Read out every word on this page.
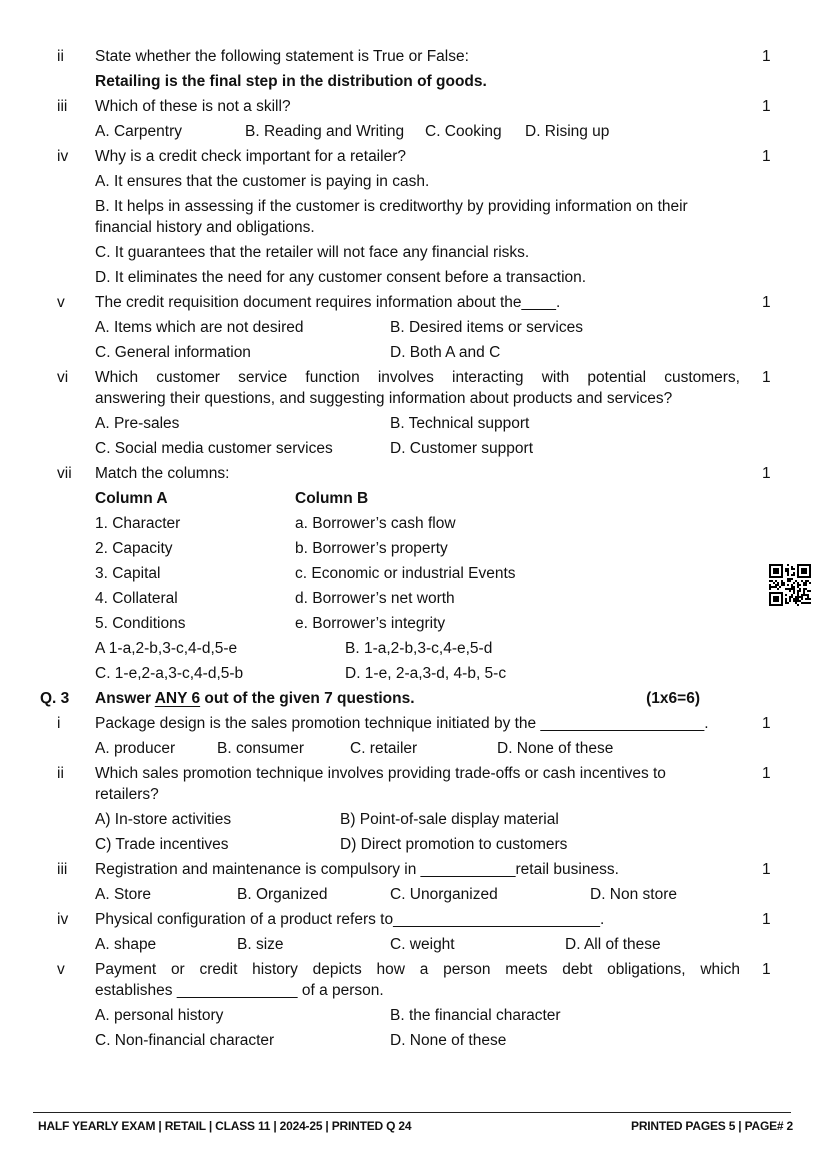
ii	State whether the following statement is True or False:	1
Retailing is the final step in the distribution of goods.
iii	Which of these is not a skill?	1
A. Carpentry	B. Reading and Writing C. Cooking D. Rising up
iv	Why is a credit check important for a retailer?	1
A. It ensures that the customer is paying in cash.
B. It helps in assessing if the customer is creditworthy by providing information on their
financial history and obligations.
C. It guarantees that the retailer will not face any financial risks.
D. It eliminates the need for any customer consent before a transaction.
v	The credit requisition document requires information about the____.	1
A. Items which are not desired	B. Desired items or services
C. General information	D. Both A and C
vi	Which customer service function involves interacting with potential customers,
answering their questions, and suggesting information about products and services?
1
A. Pre-sales	B. Technical support
C. Social media customer services	D. Customer support
vii	Match the columns:	1
Column A	Column B
1. Character	a. Borrower’s cash flow
2. Capacity	b. Borrower’s property
3. Capital	c. Economic or industrial Events
4. Collateral	d. Borrower’s net worth
5. Conditions	e. Borrower’s integrity
A 1-a,2-b,3-c,4-d,5-e	B. 1-a,2-b,3-c,4-e,5-d
C. 1-e,2-a,3-c,4-d,5-b	D. 1-e, 2-a,3-d, 4-b, 5-c
Q. 3	(1x6=6)
Answer ANY 6 out of the given 7 questions.
i	Package design is the sales promotion technique initiated by the ___________________.	1
A. producer	B. consumer	C. retailer	D. None of these
ii	Which sales promotion technique involves providing trade-offs or cash incentives to
retailers?
1
A) In-store activities	B) Point-of-sale display material
C) Trade incentives	D) Direct promotion to customers
iii	Registration and maintenance is compulsory in ___________retail business.	1
A. Store	B. Organized	C. Unorganized	D. Non store
iv	Physical configuration of a product refers to________________________.	1
A. shape	B. size	C. weight	D. All of these
v	Payment or credit history depicts how a person meets debt obligations, which
establishes ______________ of a person.
1
A. personal history	B. the financial character
C. Non-financial character	D. None of these
HALF YEARLY EXAM | RETAIL | CLASS 11 | 2024-25 | PRINTED Q 24	PRINTED PAGES 5 | PAGE# 2
